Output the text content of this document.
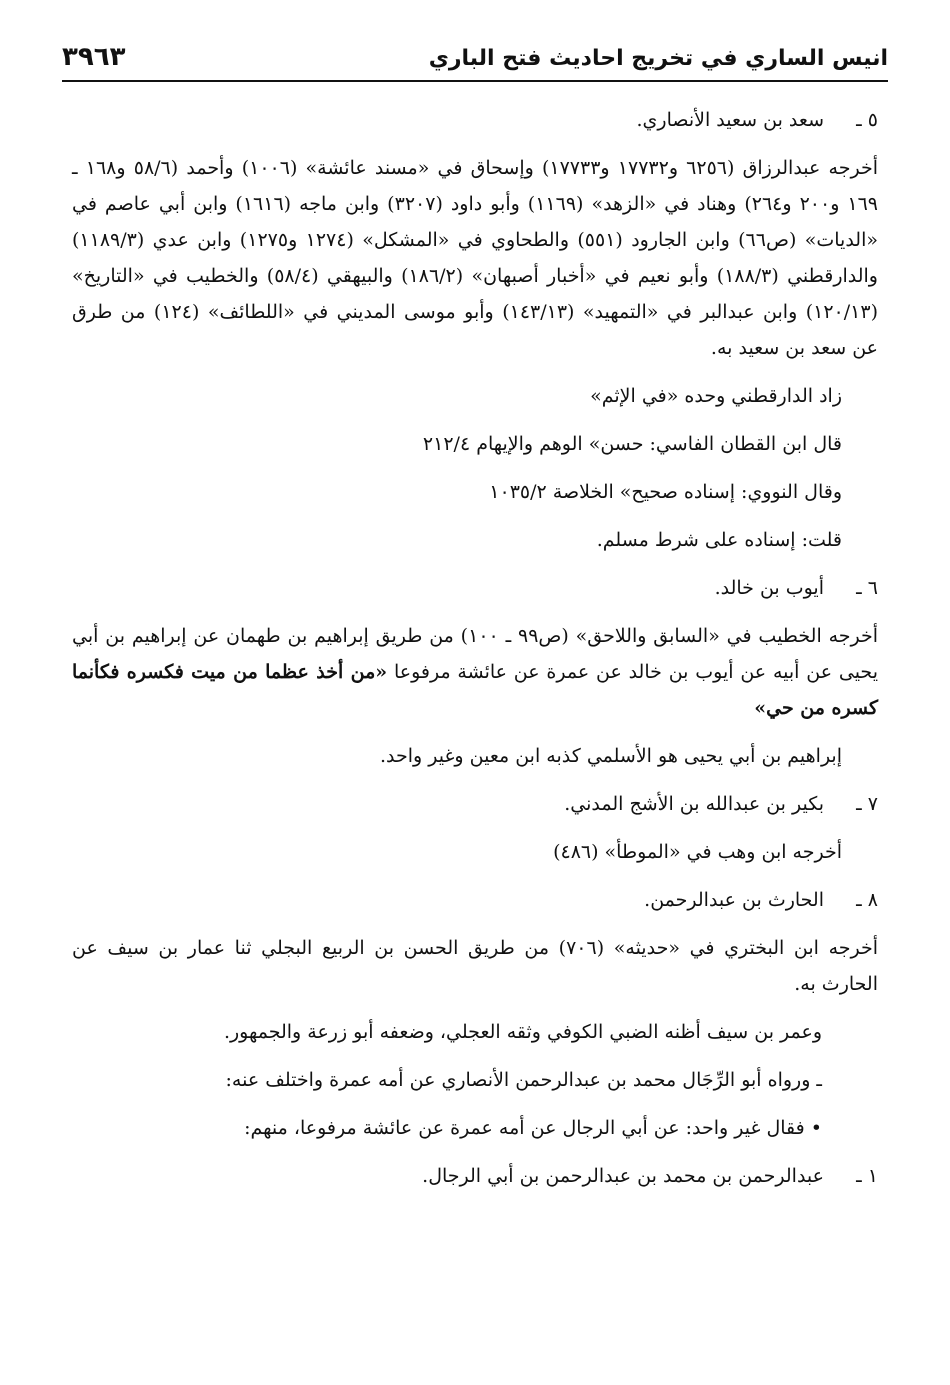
انيس الساري في تخريج احاديث فتح الباري
٣٩٦٣
٥ ـسعد بن سعيد الأنصاري.
أخرجه عبدالرزاق (٦٢٥٦ و١٧٧٣٢ و١٧٧٣٣) وإسحاق في «مسند عائشة» (١٠٠٦) وأحمد (٥٨/٦ و١٦٨ ـ ١٦٩ و٢٠٠ و٢٦٤) وهناد في «الزهد» (١١٦٩) وأبو داود (٣٢٠٧) وابن ماجه (١٦١٦) وابن أبي عاصم في «الديات» (ص٦٦) وابن الجارود (٥٥١) والطحاوي في «المشكل» (١٢٧٤ و١٢٧٥) وابن عدي (١١٨٩/٣) والدارقطني (١٨٨/٣) وأبو نعيم في «أخبار أصبهان» (١٨٦/٢) والبيهقي (٥٨/٤) والخطيب في «التاريخ» (١٢٠/١٣) وابن عبدالبر في «التمهيد» (١٤٣/١٣) وأبو موسى المديني في «اللطائف» (١٢٤) من طرق عن سعد بن سعيد به.
زاد الدارقطني وحده «في الإثم»
قال ابن القطان الفاسي: حسن» الوهم والإيهام ٢١٢/٤
وقال النووي: إسناده صحيح» الخلاصة ١٠٣٥/٢
قلت: إسناده على شرط مسلم.
٦ ـأيوب بن خالد.
أخرجه الخطيب في «السابق واللاحق» (ص٩٩ ـ ١٠٠) من طريق إبراهيم بن طهمان عن إبراهيم بن أبي يحيى عن أبيه عن أيوب بن خالد عن عمرة عن عائشة مرفوعا «من أخذ عظما من ميت فكسره فكأنما كسره من حي»
إبراهيم بن أبي يحيى هو الأسلمي كذبه ابن معين وغير واحد.
٧ ـبكير بن عبدالله بن الأشج المدني.
أخرجه ابن وهب في «الموطأ» (٤٨٦)
٨ ـالحارث بن عبدالرحمن.
أخرجه ابن البختري في «حديثه» (٧٠٦) من طريق الحسن بن الربيع البجلي ثنا عمار بن سيف عن الحارث به.
وعمر بن سيف أظنه الضبي الكوفي وثقه العجلي، وضعفه أبو زرعة والجمهور.
ـ ورواه أبو الرِّجَال محمد بن عبدالرحمن الأنصاري عن أمه عمرة واختلف عنه:
• فقال غير واحد: عن أبي الرجال عن أمه عمرة عن عائشة مرفوعا، منهم:
١ ـعبدالرحمن بن محمد بن عبدالرحمن بن أبي الرجال.
